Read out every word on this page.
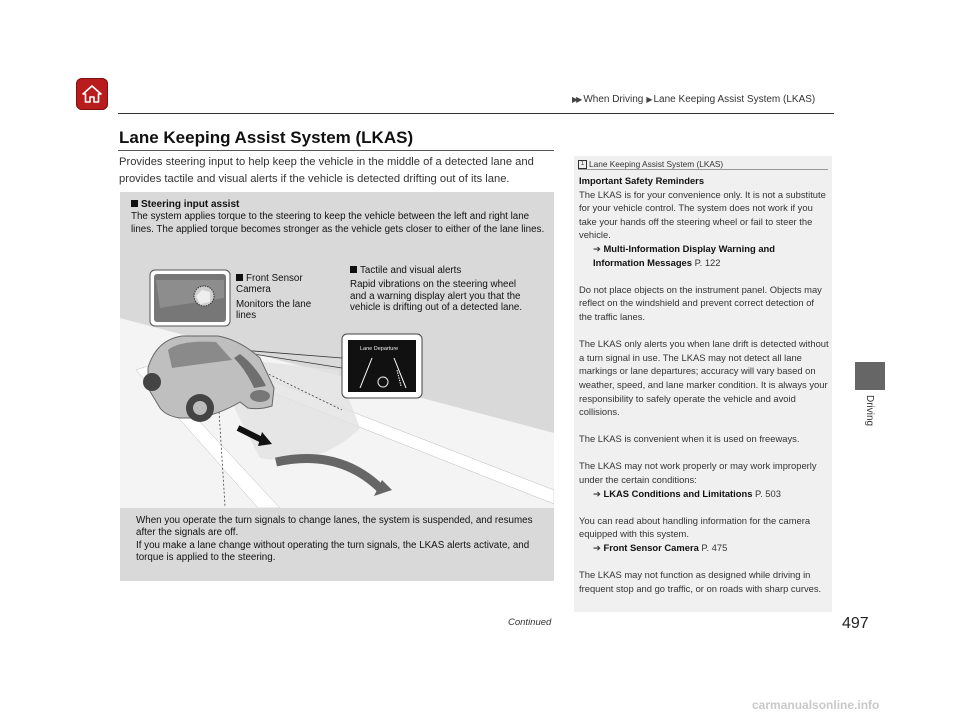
▶▶ When Driving ▶ Lane Keeping Assist System (LKAS)
Lane Keeping Assist System (LKAS)
Provides steering input to help keep the vehicle in the middle of a detected lane and provides tactile and visual alerts if the vehicle is detected drifting out of its lane.
Steering input assist
The system applies torque to the steering to keep the vehicle between the left and right lane lines. The applied torque becomes stronger as the vehicle gets closer to either of the lane lines.
Lane Departure
Front Sensor Camera
Monitors the lane lines
Tactile and visual alerts
Rapid vibrations on the steering wheel and a warning display alert you that the vehicle is drifting out of a detected lane.
When you operate the turn signals to change lanes, the system is suspended, and resumes after the signals are off.
If you make a lane change without operating the turn signals, the LKAS alerts activate, and torque is applied to the steering.
1 Lane Keeping Assist System (LKAS)
Important Safety Reminders
The LKAS is for your convenience only. It is not a substitute for your vehicle control. The system does not work if you take your hands off the steering wheel or fail to steer the vehicle.

➔ Multi-Information Display Warning and Information Messages P. 122

Do not place objects on the instrument panel. Objects may reflect on the windshield and prevent correct detection of the traffic lanes.

The LKAS only alerts you when lane drift is detected without a turn signal in use. The LKAS may not detect all lane markings or lane departures; accuracy will vary based on weather, speed, and lane marker condition. It is always your responsibility to safely operate the vehicle and avoid collisions.

The LKAS is convenient when it is used on freeways.

The LKAS may not work properly or may work improperly under the certain conditions:

➔ LKAS Conditions and Limitations P. 503

You can read about handling information for the camera equipped with this system.

➔ Front Sensor Camera P. 475

The LKAS may not function as designed while driving in frequent stop and go traffic, or on roads with sharp curves.

Driving
Continued	497
carmanualsonline.info
